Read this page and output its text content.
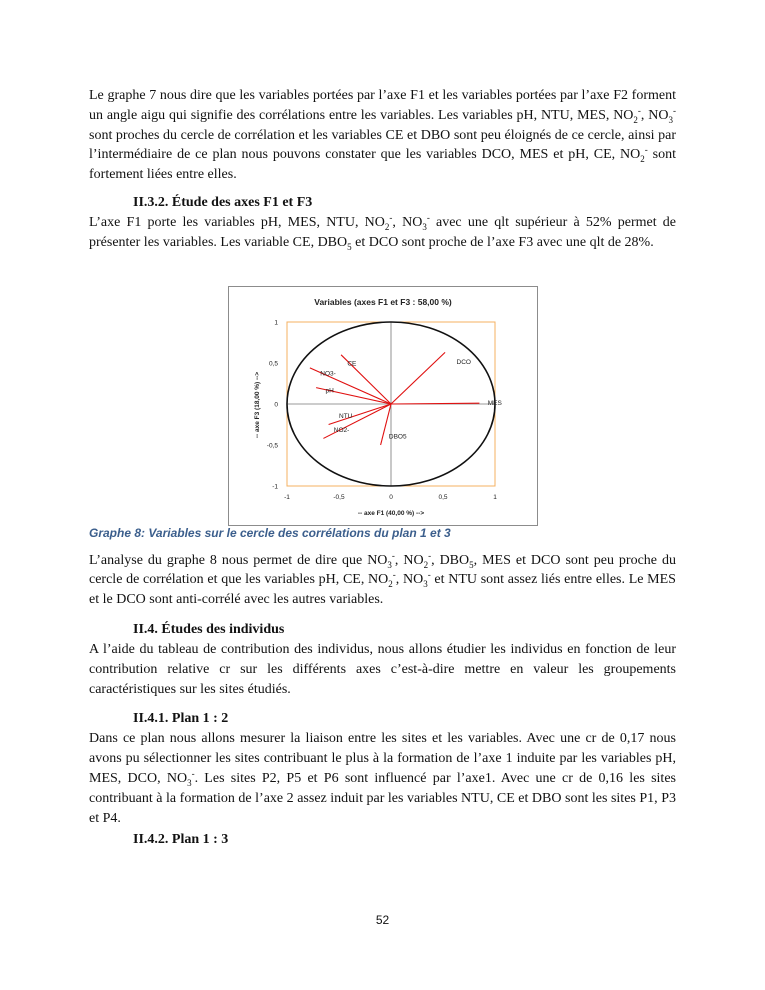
Le graphe 7 nous dire que les variables portées par l’axe F1 et les variables portées par l’axe F2 forment un angle aigu qui signifie des corrélations entre les variables. Les variables pH, NTU, MES, $NO_2^-$, $NO_3^-$ sont proches du cercle de corrélation et les variables CE et DBO sont peu éloignés de ce cercle, ainsi par l’intermédiaire de ce plan nous pouvons constater que les variables DCO, MES et pH, CE, $NO_2^-$ sont fortement liées entre elles.

II.3.2. Étude des axes F1 et F3

L’axe F1 porte les variables pH, MES, NTU, $NO_2^-$, $NO_3^-$ avec une qlt supérieur à 52% permet de présenter les variables. Les variable CE, $DBO_5$ et DCO sont proche de l’axe F3 avec une qlt de 28%.

Graphe 8: Variables sur le cercle des corrélations du plan 1 et 3

L’analyse du graphe 8 nous permet de dire que $NO_3^-$, $NO_2^-$, $DBO_5$, MES et DCO sont peu proche du cercle de corrélation et que les variables pH, CE, $NO_2^-$, $NO_3^-$ et NTU sont assez liés entre elles. Le MES et le DCO sont anti-corrélé avec les autres variables.

II.4. Études des individus

A l’aide du tableau de contribution des individus, nous allons étudier les individus en fonction de leur contribution relative cr sur les différents axes c’est-à-dire mettre en valeur les groupements caractéristiques sur les sites étudiés.

II.4.1. Plan 1 : 2

Dans ce plan nous allons mesurer la liaison entre les sites et les variables. Avec une cr de 0,17 nous avons pu sélectionner les sites contribuant le plus à la formation de l’axe 1 induite par les variables pH, MES, DCO, $NO_3^-$. Les sites P2, P5 et P6 sont influencé par l’axe1. Avec une cr de 0,16 les sites contribuant à la formation de l’axe 2 assez induit par les variables NTU, CE et DBO sont les sites P1, P3 et P4.

II.4.2. Plan 1 : 3
Variables (axes F1 et F3 : 58,00 %)
-- axe F1 (40,00 %) -->
-- axe F3 (18,00 %) -->
-1	-0,5	0	0,5	1
1
0,5
0
-0,5
-1
CE
NO3-
pH
NTU
NO2-
DBO5
DCO
MES
52
